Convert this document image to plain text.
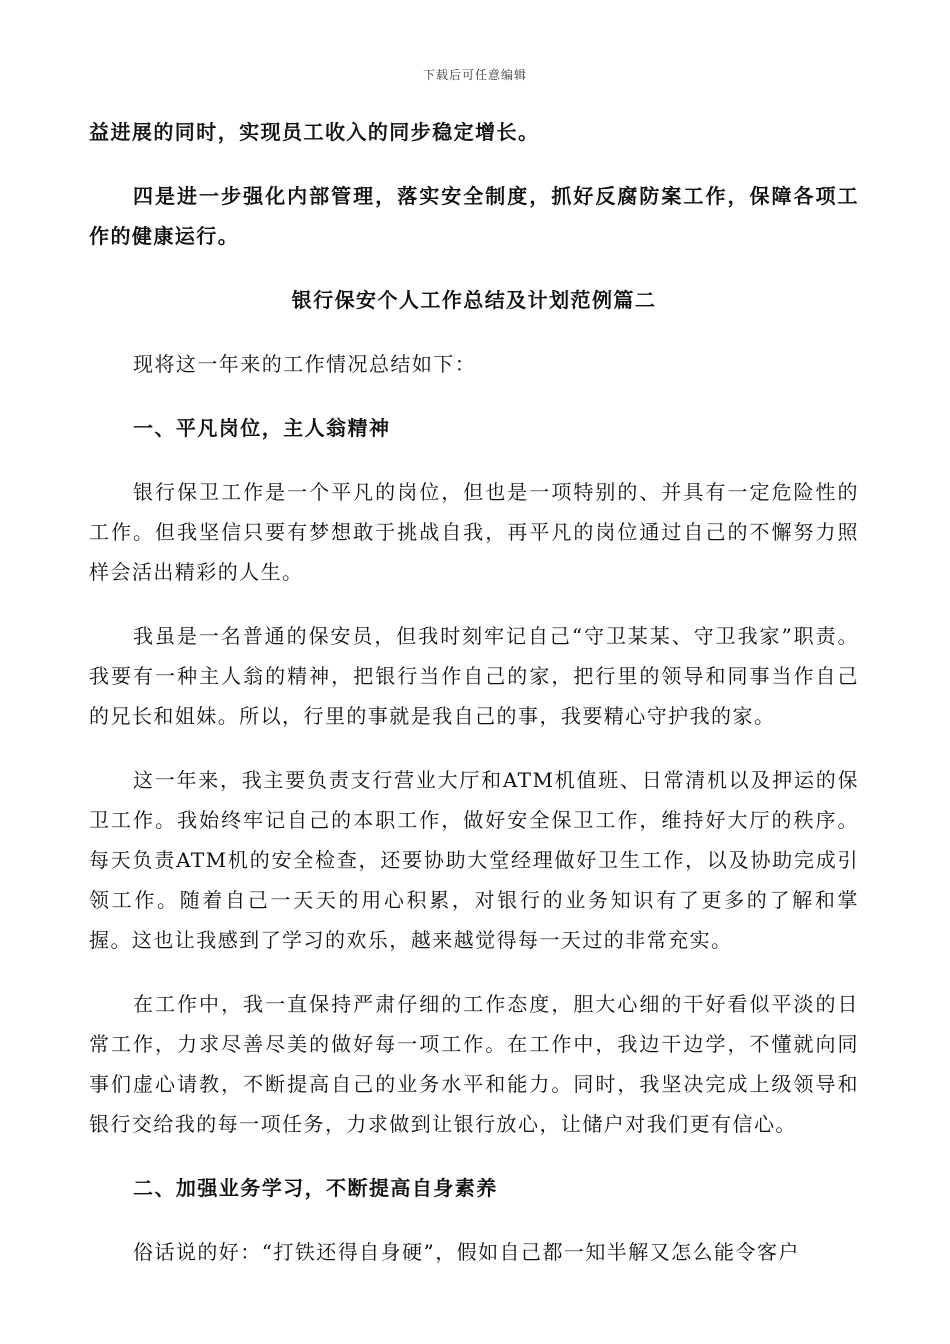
下载后可任意编辑

益进展的同时，实现员工收入的同步稳定增长。

四是进一步强化内部管理，落实安全制度，抓好反腐防案工作，保障各项工作的健康运行。

银行保安个人工作总结及计划范例篇二

现将这一年来的工作情况总结如下：

一、平凡岗位，主人翁精神

银行保卫工作是一个平凡的岗位，但也是一项特别的、并具有一定危险性的工作。但我坚信只要有梦想敢于挑战自我，再平凡的岗位通过自己的不懈努力照样会活出精彩的人生。

我虽是一名普通的保安员，但我时刻牢记自己“守卫某某、守卫我家”职责。我要有一种主人翁的精神，把银行当作自己的家，把行里的领导和同事当作自己的兄长和姐妹。所以，行里的事就是我自己的事，我要精心守护我的家。

这一年来，我主要负责支行营业大厅和ATM机值班、日常清机以及押运的保卫工作。我始终牢记自己的本职工作，做好安全保卫工作，维持好大厅的秩序。每天负责ATM机的安全检查，还要协助大堂经理做好卫生工作，以及协助完成引领工作。随着自己一天天的用心积累，对银行的业务知识有了更多的了解和掌握。这也让我感到了学习的欢乐，越来越觉得每一天过的非常充实。

在工作中，我一直保持严肃仔细的工作态度，胆大心细的干好看似平淡的日常工作，力求尽善尽美的做好每一项工作。在工作中，我边干边学，不懂就向同事们虚心请教，不断提高自己的业务水平和能力。同时，我坚决完成上级领导和银行交给我的每一项任务，力求做到让银行放心，让储户对我们更有信心。

二、加强业务学习，不断提高自身素养

俗话说的好：“打铁还得自身硬”，假如自己都一知半解又怎么能令客户
